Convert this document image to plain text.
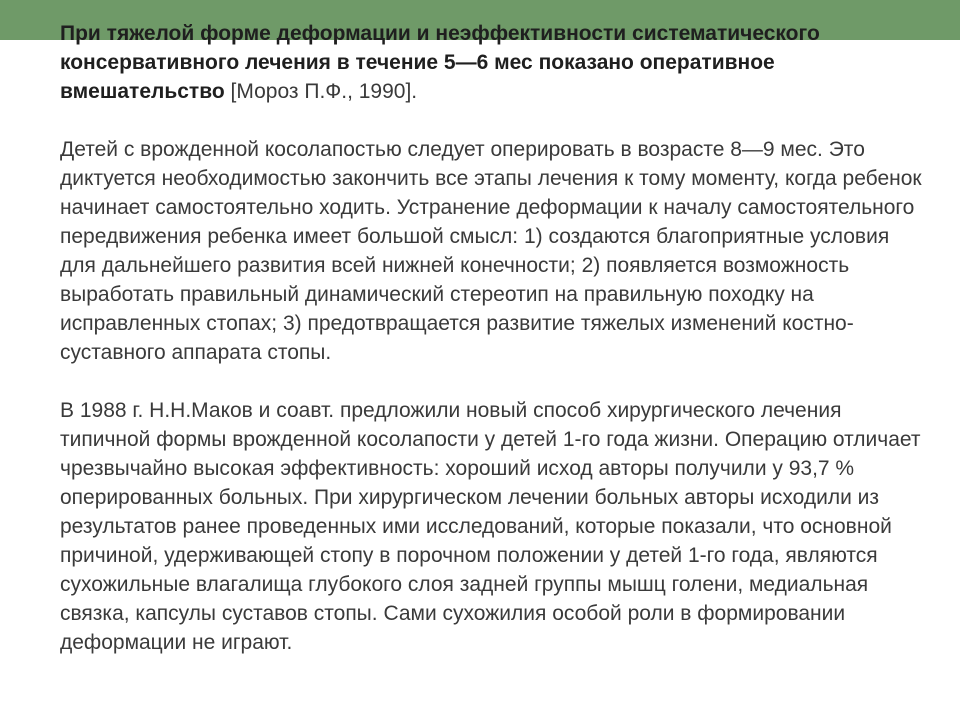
При тяжелой форме деформации и неэффективности систематического консервативного лечения в течение 5—6 мес показано оперативное вмешательство [Мороз П.Ф., 1990].

Детей с врожденной косолапостью следует оперировать в возрасте 8—9 мес. Это диктуется необходимостью закончить все этапы лечения к тому моменту, когда ребенок начинает самостоятельно ходить. Устранение деформации к началу самостоятельного передвижения ребенка имеет большой смысл: 1) создаются благоприятные условия для дальнейшего развития всей нижней конечности; 2) появляется возможность выработать правильный динамический стереотип на правильную походку на исправленных стопах; 3) предотвращается развитие тяжелых изменений костно-суставного аппарата стопы.

В 1988 г. Н.Н.Маков и соавт. предложили новый способ хирургического лечения типичной формы врожденной косолапости у детей 1-го года жизни. Операцию отличает чрезвычайно высокая эффективность: хороший исход авторы получили у 93,7 % оперированных больных. При хирургическом лечении больных авторы исходили из результатов ранее проведенных ими исследований, которые показали, что основной причиной, удерживающей стопу в порочном положении у детей 1-го года, являются сухожильные влагалища глубокого слоя задней группы мышц голени, медиальная связка, капсулы суставов стопы. Сами сухожилия особой роли в формировании деформации не играют.
